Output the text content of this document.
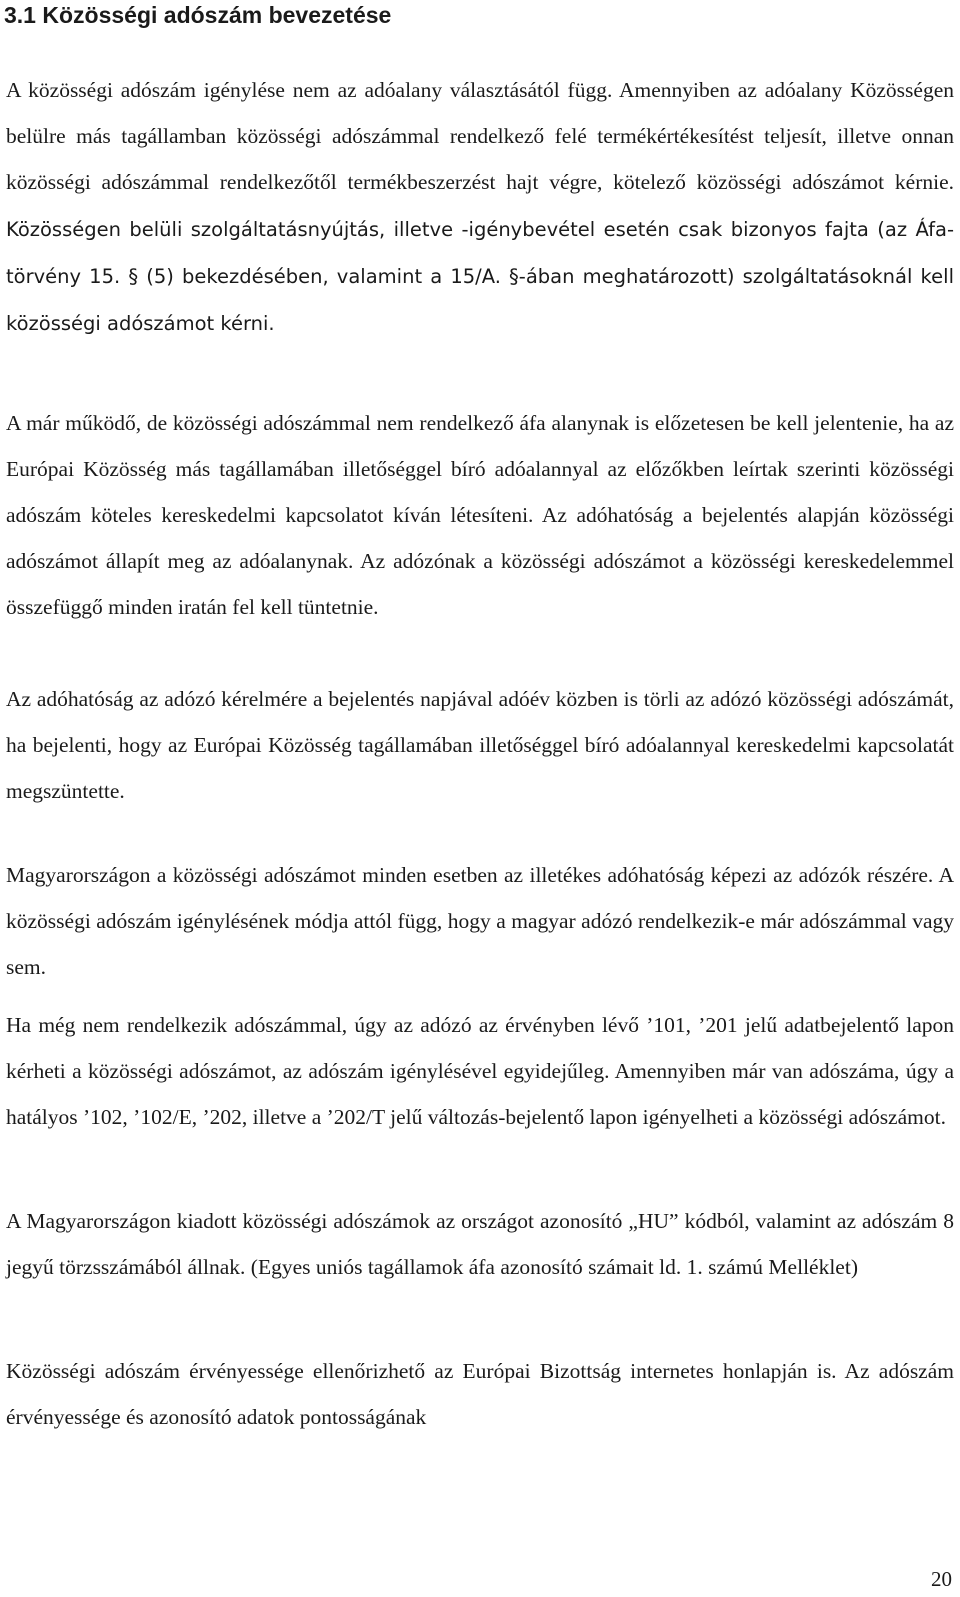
3.1 Közösségi adószám bevezetése

A közösségi adószám igénylése nem az adóalany választásától függ. Amennyiben az adóalany Közösségen belülre más tagállamban közösségi adószámmal rendelkező felé termékértékesítést teljesít, illetve onnan közösségi adószámmal rendelkezőtől termékbeszerzést hajt végre, kötelező közösségi adószámot kérnie. Közösségen belüli szolgáltatásnyújtás, illetve -igénybevétel esetén csak bizonyos fajta (az Áfa-törvény 15. § (5) bekezdésében, valamint a 15/A. §-ában meghatározott) szolgáltatásoknál kell közösségi adószámot kérni.

A már működő, de közösségi adószámmal nem rendelkező áfa alanynak is előzetesen be kell jelentenie, ha az Európai Közösség más tagállamában illetőséggel bíró adóalannyal az előzőkben leírtak szerinti közösségi adószám köteles kereskedelmi kapcsolatot kíván létesíteni. Az adóhatóság a bejelentés alapján közösségi adószámot állapít meg az adóalanynak. Az adózónak a közösségi adószámot a közösségi kereskedelemmel összefüggő minden iratán fel kell tüntetnie.

Az adóhatóság az adózó kérelmére a bejelentés napjával adóév közben is törli az adózó közösségi adószámát, ha bejelenti, hogy az Európai Közösség tagállamában illetőséggel bíró adóalannyal kereskedelmi kapcsolatát megszüntette.

Magyarországon a közösségi adószámot minden esetben az illetékes adóhatóság képezi az adózók részére. A közösségi adószám igénylésének módja attól függ, hogy a magyar adózó rendelkezik-e már adószámmal vagy sem.

Ha még nem rendelkezik adószámmal, úgy az adózó az érvényben lévő ’101, ’201 jelű adatbejelentő lapon kérheti a közösségi adószámot, az adószám igénylésével egyidejűleg. Amennyiben már van adószáma, úgy a hatályos ’102, ’102/E, ’202, illetve a ’202/T jelű változás-bejelentő lapon igényelheti a közösségi adószámot.

A Magyarországon kiadott közösségi adószámok az országot azonosító „HU” kódból, valamint az adószám 8 jegyű törzsszámából állnak. (Egyes uniós tagállamok áfa azonosító számait ld. 1. számú Melléklet)

Közösségi adószám érvényessége ellenőrizhető az Európai Bizottság internetes honlapján is. Az adószám érvényessége és azonosító adatok pontosságának

20
